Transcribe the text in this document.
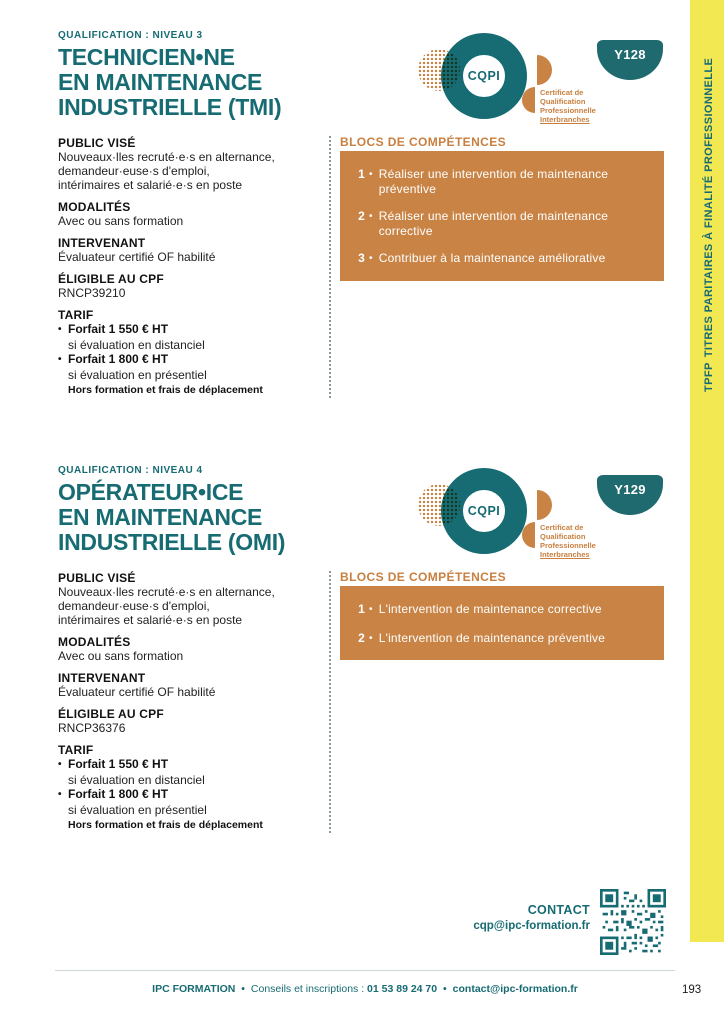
TPFPTITRES PARITAIRES À FINALITÉ PROFESSIONNELLE
QUALIFICATION : NIVEAU 3
TECHNICIEN•NE
EN MAINTENANCE
INDUSTRIELLE (TMI)
PUBLIC VISÉ
Nouveaux·lles recruté·e·s en alternance,
demandeur·euse·s d'emploi,
intérimaires et salarié·e·s en poste
MODALITÉS
Avec ou sans formation
INTERVENANT
Évaluateur certifié OF habilité
ÉLIGIBLE AU CPF
RNCP39210
TARIF
• Forfait 1 550 € HT
si évaluation en distanciel
• Forfait 1 800 € HT
si évaluation en présentiel
Hors formation et frais de déplacement
CQPI
Certificat de
Qualification
Professionnelle
Interbranches
Y128
BLOCS DE COMPÉTENCES
1 • Réaliser une intervention de maintenance préventive
2 • Réaliser une intervention de maintenance corrective
3 • Contribuer à la maintenance améliorative
QUALIFICATION : NIVEAU 4
OPÉRATEUR•ICE
EN MAINTENANCE
INDUSTRIELLE (OMI)
PUBLIC VISÉ
Nouveaux·lles recruté·e·s en alternance,
demandeur·euse·s d'emploi,
intérimaires et salarié·e·s en poste
MODALITÉS
Avec ou sans formation
INTERVENANT
Évaluateur certifié OF habilité
ÉLIGIBLE AU CPF
RNCP36376
TARIF
• Forfait 1 550 € HT
si évaluation en distanciel
• Forfait 1 800 € HT
si évaluation en présentiel
Hors formation et frais de déplacement
CQPI
Certificat de
Qualification
Professionnelle
Interbranches
Y129
BLOCS DE COMPÉTENCES
1 • L'intervention de maintenance corrective
2 • L'intervention de maintenance préventive
CONTACT
cqp@ipc-formation.fr
IPC FORMATION • Conseils et inscriptions : 01 53 89 24 70 • contact@ipc-formation.fr	193
